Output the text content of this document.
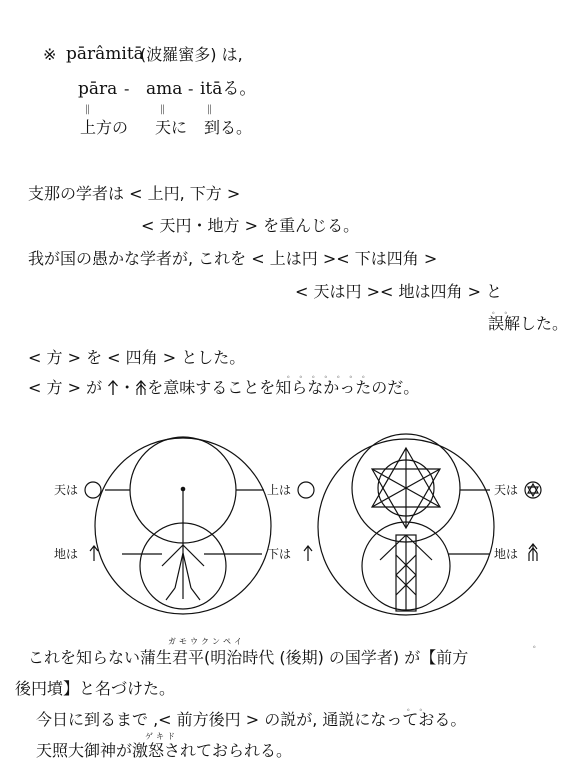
※ pārâmitā
(波羅蜜多) は,
pāra - ama - itāる。
||	||	||
上方の 天に 到る。
支那の学者は < 上円, 下方 >
< 天円・地方 > を重んじる。
我が国の愚かな学者が, これを < 上は円 >< 下は四角 >
< 天は円 >< 地は四角 > と
。。
誤解した。
< 方 > を < 四角 > とした。
< 方 > が ・ を意味することを知らなかったのだ。
。。。。。。。
天は
地は
上は
下は
天は
地は
ガモウクンペイ
これを知らない蒲生君平(明治時代 (後期) の国学者) が【前方
。
後円墳】と名づけた。
。。
今日に到るまで ,< 前方後円 > の説が, 通説になっておる。
ゲキド
天照大御神が激怒されておられる。
